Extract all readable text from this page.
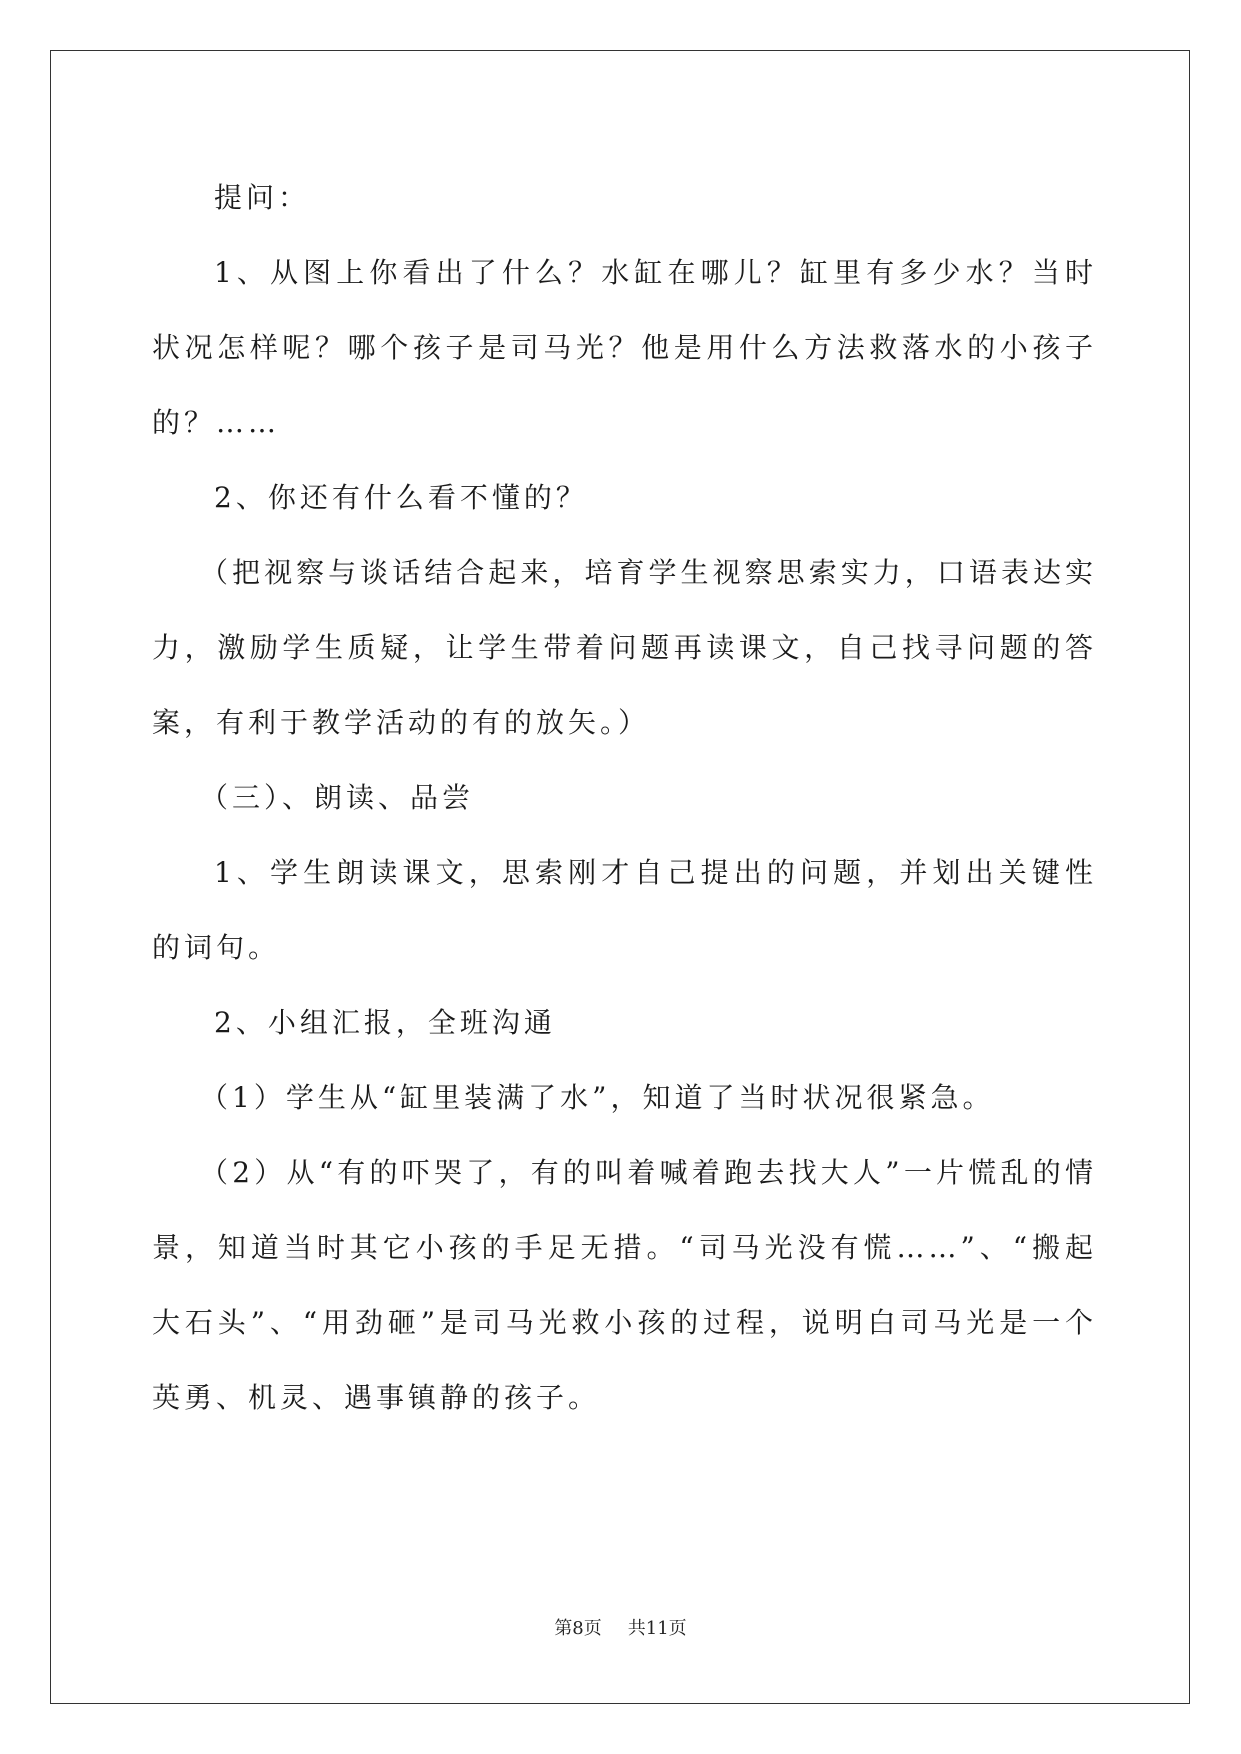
提问：

1、从图上你看出了什么？水缸在哪儿？缸里有多少水？当时状况怎样呢？哪个孩子是司马光？他是用什么方法救落水的小孩子的？……

2、你还有什么看不懂的？

（把视察与谈话结合起来，培育学生视察思索实力，口语表达实力，激励学生质疑，让学生带着问题再读课文，自己找寻问题的答案，有利于教学活动的有的放矢。）

（三）、朗读、品尝

1、学生朗读课文，思索刚才自己提出的问题，并划出关键性的词句。

2、小组汇报，全班沟通

（1）学生从“缸里装满了水”，知道了当时状况很紧急。

（2）从“有的吓哭了，有的叫着喊着跑去找大人”一片慌乱的情景，知道当时其它小孩的手足无措。“司马光没有慌……”、“搬起大石头”、“用劲砸”是司马光救小孩的过程，说明白司马光是一个英勇、机灵、遇事镇静的孩子。

第8页 共11页
